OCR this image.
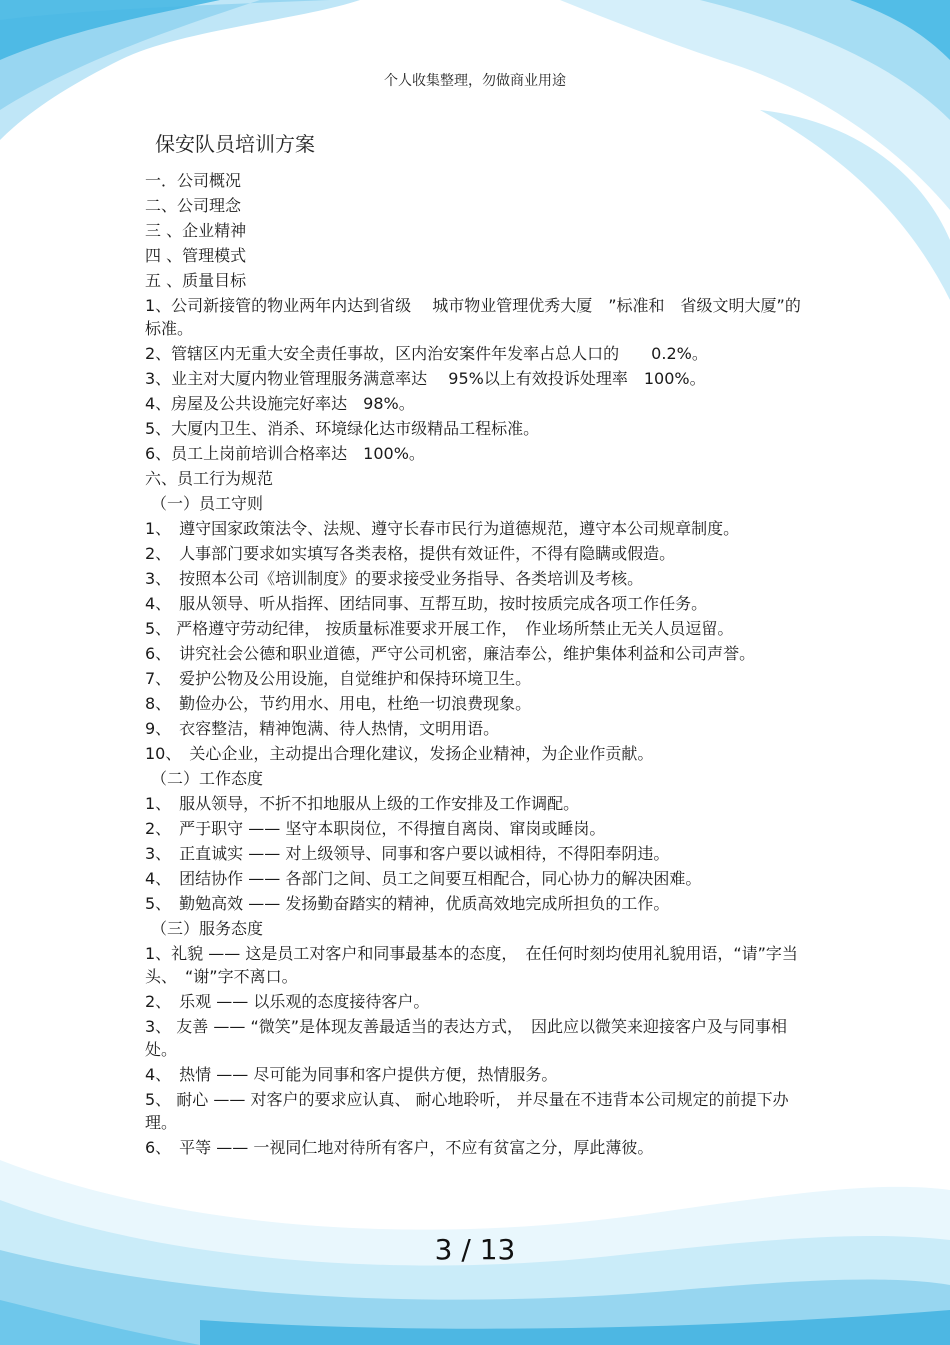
个人收集整理，勿做商业用途
保安队员培训方案
一．公司概况
二、公司理念
三 、企业精神
四 、管理模式
五 、质量目标
1、公司新接管的物业两年内达到省级　 城市物业管理优秀大厦　”标准和　省级文明大厦”的标准。
2、管辖区内无重大安全责任事故，区内治安案件年发率占总人口的　　0.2%。
3、业主对大厦内物业管理服务满意率达　 95%以上有效投诉处理率　100%。
4、房屋及公共设施完好率达　98%。
5、大厦内卫生、消杀、环境绿化达市级精品工程标准。
6、员工上岗前培训合格率达　100%。
六、员工行为规范
（一）员工守则
1、　遵守国家政策法令、法规、遵守长春市民行为道德规范，遵守本公司规章制度。
2、　人事部门要求如实填写各类表格，提供有效证件，不得有隐瞒或假造。
3、　按照本公司《培训制度》的要求接受业务指导、各类培训及考核。
4、　服从领导、听从指挥、团结同事、互帮互助，按时按质完成各项工作任务。
5、 严格遵守劳动纪律， 按质量标准要求开展工作，　作业场所禁止无关人员逗留。
6、　讲究社会公德和职业道德，严守公司机密，廉洁奉公，维护集体利益和公司声誉。
7、　爱护公物及公用设施，自觉维护和保持环境卫生。
8、　勤俭办公，节约用水、用电，杜绝一切浪费现象。
9、　衣容整洁，精神饱满、待人热情，文明用语。
10、　关心企业，主动提出合理化建议，发扬企业精神，为企业作贡献。
（二）工作态度
1、　服从领导，不折不扣地服从上级的工作安排及工作调配。
2、　严于职守 —— 坚守本职岗位，不得擅自离岗、窜岗或睡岗。
3、　正直诚实 —— 对上级领导、同事和客户要以诚相待，不得阳奉阴违。
4、　团结协作 —— 各部门之间、员工之间要互相配合，同心协力的解决困难。
5、　勤勉高效 —— 发扬勤奋踏实的精神，优质高效地完成所担负的工作。
（三）服务态度
1、礼貌 —— 这是员工对客户和同事最基本的态度，　在任何时刻均使用礼貌用语，“请”字当头、　“谢”字不离口。
2、　乐观 —— 以乐观的态度接待客户。
3、 友善 —— “微笑”是体现友善最适当的表达方式，　因此应以微笑来迎接客户及与同事相处。
4、　热情 —— 尽可能为同事和客户提供方便，热情服务。
5、 耐心 —— 对客户的要求应认真、 耐心地聆听， 并尽量在不违背本公司规定的前提下办理。
6、　平等 —— 一视同仁地对待所有客户，不应有贫富之分，厚此薄彼。
3 / 13
